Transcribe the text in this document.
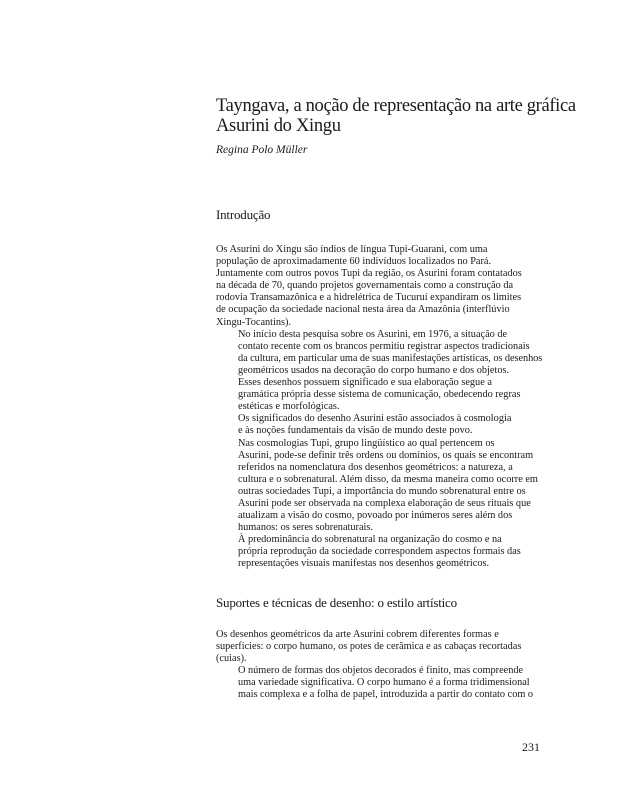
Tayngava, a noção de representação na arte gráfica
Asurini do Xingu

Regina Polo Müller

Introdução

Os Asurini do Xingu são índios de língua Tupi-Guarani, com uma
população de aproximadamente 60 indivíduos localizados no Pará.
Juntamente com outros povos Tupi da região, os Asurini foram contatados
na década de 70, quando projetos governamentais como a construção da
rodovia Transamazônica e a hidrelétrica de Tucuruí expandiram os limites
de ocupação da sociedade nacional nesta área da Amazônia (interflúvio
Xingu-Tocantins).

No início desta pesquisa sobre os Asurini, em 1976, a situação de
contato recente com os brancos permitiu registrar aspectos tradicionais
da cultura, em particular uma de suas manifestações artísticas, os desenhos
geométricos usados na decoração do corpo humano e dos objetos.

Esses desenhos possuem significado e sua elaboração segue a
gramática própria desse sistema de comunicação, obedecendo regras
estéticas e morfológicas.

Os significados do desenho Asurini estão associados à cosmologia
e às noções fundamentais da visão de mundo deste povo.

Nas cosmologias Tupi, grupo lingüístico ao qual pertencem os
Asurini, pode-se definir três ordens ou domínios, os quais se encontram
referidos na nomenclatura dos desenhos geométricos: a natureza, a
cultura e o sobrenatural. Além disso, da mesma maneira como ocorre em
outras sociedades Tupi, a importância do mundo sobrenatural entre os
Asurini pode ser observada na complexa elaboração de seus rituais que
atualizam a visão do cosmo, povoado por inúmeros seres além dos
humanos: os seres sobrenaturais.

À predominância do sobrenatural na organização do cosmo e na
própria reprodução da sociedade correspondem aspectos formais das
representações visuais manifestas nos desenhos geométricos.

Suportes e técnicas de desenho: o estilo artístico

Os desenhos geométricos da arte Asurini cobrem diferentes formas e
superfícies: o corpo humano, os potes de cerâmica e as cabaças recortadas
(cuias).

O número de formas dos objetos decorados é finito, mas compreende
uma variedade significativa. O corpo humano é a forma tridimensional
mais complexa e a folha de papel, introduzida a partir do contato com o

231
